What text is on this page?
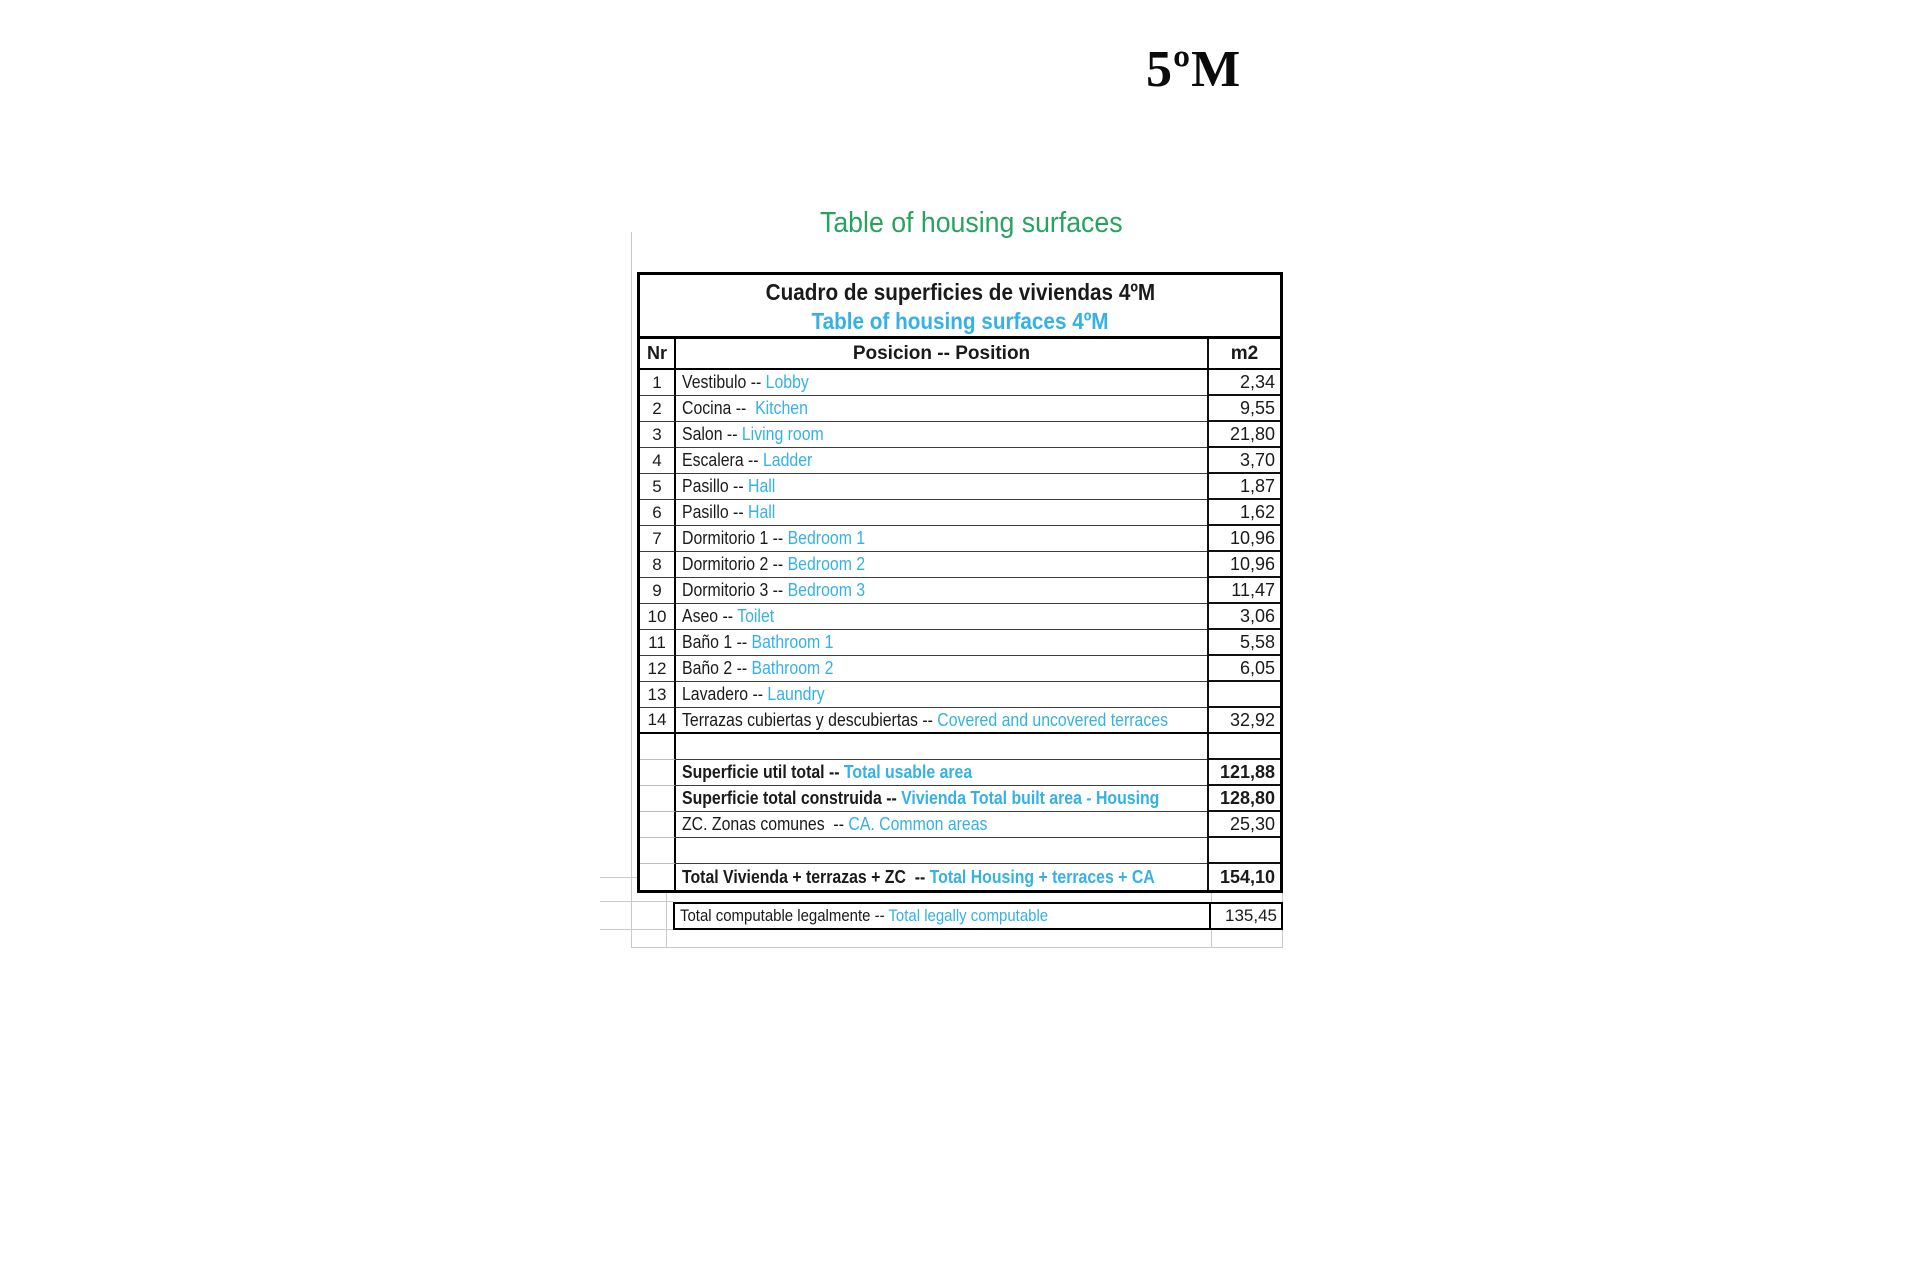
5ºM
Table of housing surfaces
Cuadro de superficies de viviendas 4ºM
Table of housing surfaces 4ºM
Nr	Posicion -- Position	m2
1 Vestibulo -- Lobby	2,34
2 Cocina --  Kitchen	9,55
3 Salon -- Living room	21,80
4 Escalera -- Ladder	3,70
5 Pasillo -- Hall	1,87
6 Pasillo -- Hall	1,62
7 Dormitorio 1 -- Bedroom 1	10,96
8 Dormitorio 2 -- Bedroom 2	10,96
9 Dormitorio 3 -- Bedroom 3	11,47
10 Aseo -- Toilet	3,06
11 Baño 1 -- Bathroom 1	5,58
12 Baño 2 -- Bathroom 2	6,05
13 Lavadero -- Laundry
14 Terrazas cubiertas y descubiertas -- Covered and uncovered terraces	32,92
Superficie util total -- Total usable area	121,88
Superficie total construida -- Vivienda Total built area - Housing	128,80
ZC. Zonas comunes  -- CA. Common areas	25,30
Total Vivienda + terrazas + ZC  -- Total Housing + terraces + CA	154,10
Total computable legalmente -- Total legally computable	135,45
